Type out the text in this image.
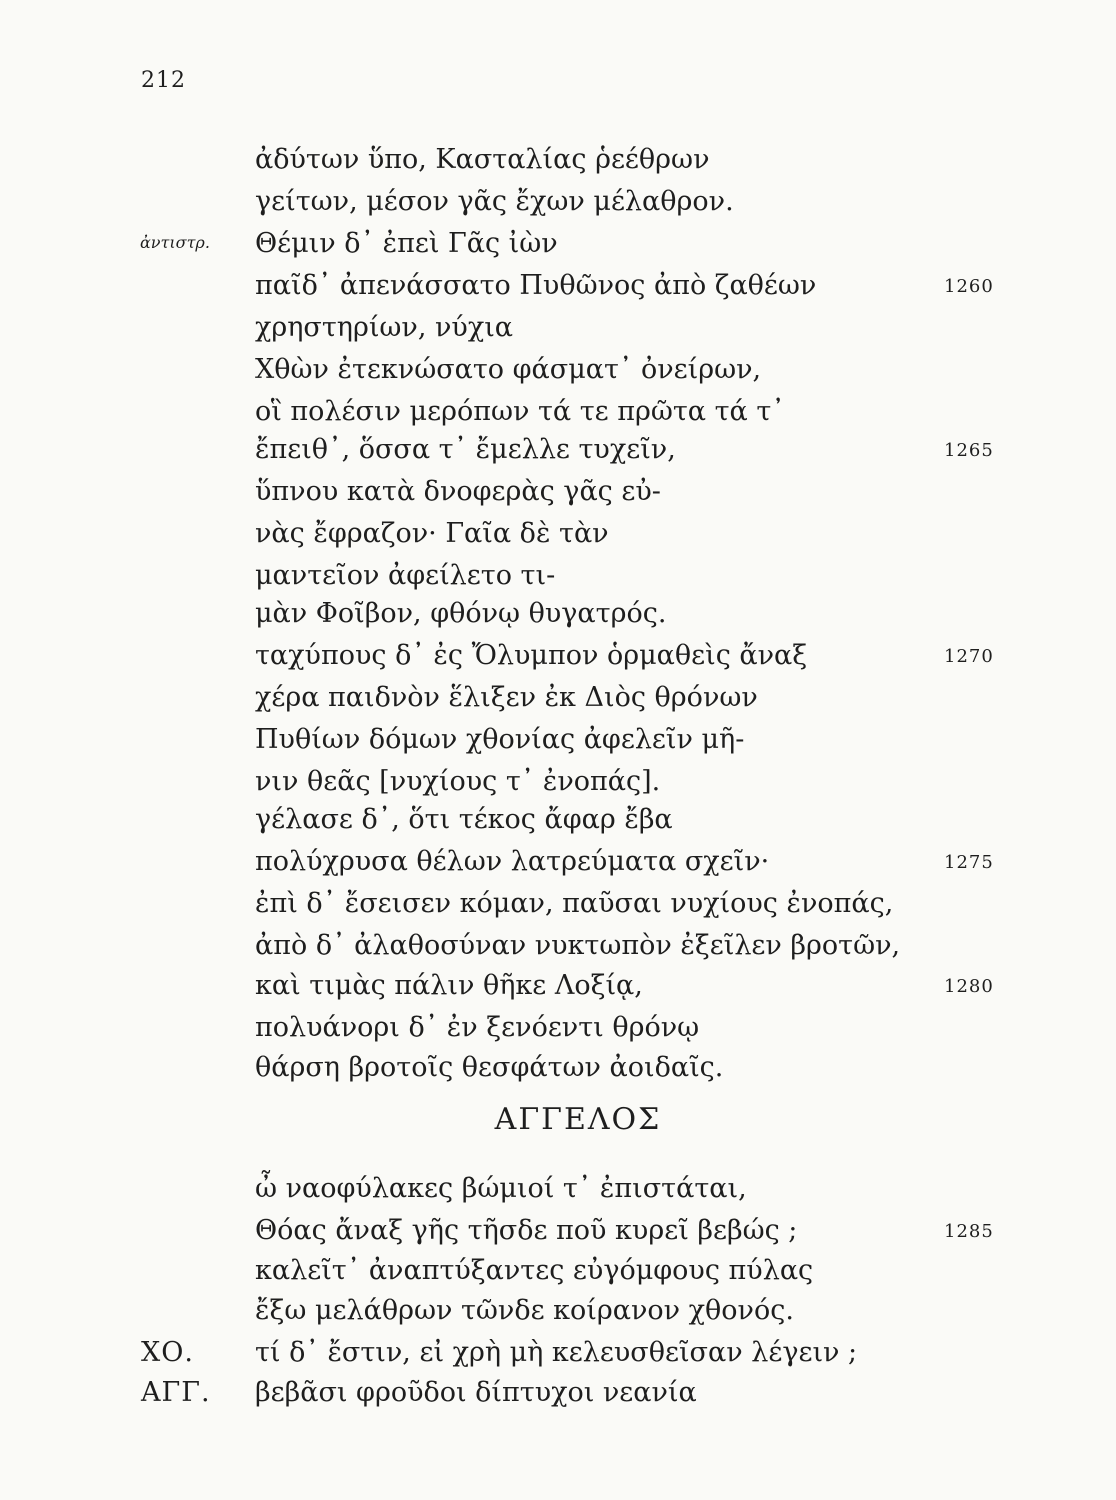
212
ἀδύτων ὕπο, Κασταλίας ῥεέθρων
γείτων, μέσον γᾶς ἔχων μέλαθρον.
ἀντιστρ. Θέμιν δ᾽ ἐπεὶ Γᾶς ἰὼν
παῖδ᾽ ἀπενάσσατο Πυθῶνος ἀπὸ ζαθέων	1260
χρηστηρίων, νύχια
Χθὼν ἐτεκνώσατο φάσματ᾽ ὀνείρων,
οἳ πολέσιν μερόπων τά τε πρῶτα τά τ᾽
ἔπειθ᾽, ὅσσα τ᾽ ἔμελλε τυχεῖν,	1265
ὕπνου κατὰ δνοφερὰς γᾶς εὐ-
νὰς ἔφραζον· Γαῖα δὲ τὰν
μαντεῖον ἀφείλετο τι-
μὰν Φοῖβον, φθόνῳ θυγατρός.
ταχύπους δ᾽ ἐς Ὄλυμπον ὁρμαθεὶς ἄναξ	1270
χέρα παιδνὸν ἕλιξεν ἐκ Διὸς θρόνων
Πυθίων δόμων χθονίας ἀφελεῖν μῆ-
νιν θεᾶς [νυχίους τ᾽ ἐνοπάς].
γέλασε δ᾽, ὅτι τέκος ἄφαρ ἔβα
πολύχρυσα θέλων λατρεύματα σχεῖν·	1275
ἐπὶ δ᾽ ἔσεισεν κόμαν, παῦσαι νυχίους ἐνοπάς,
ἀπὸ δ᾽ ἀλαθοσύναν νυκτωπὸν ἐξεῖλεν βροτῶν,
καὶ τιμὰς πάλιν θῆκε Λοξίᾳ,	1280
πολυάνορι δ᾽ ἐν ξενόεντι θρόνῳ
θάρση βροτοῖς θεσφάτων ἀοιδαῖς.
ΑΓΓΕΛΟΣ
ὦ ναοφύλακες βώμιοί τ᾽ ἐπιστάται,
Θόας ἄναξ γῆς τῆσδε ποῦ κυρεῖ βεβώς ;	1285
καλεῖτ᾽ ἀναπτύξαντες εὐγόμφους πύλας
ἔξω μελάθρων τῶνδε κοίρανον χθονός.
ΧΟ. τί δ᾽ ἔστιν, εἰ χρὴ μὴ κελευσθεῖσαν λέγειν ;
ΑΓΓ. βεβᾶσι φροῦδοι δίπτυχοι νεανία
